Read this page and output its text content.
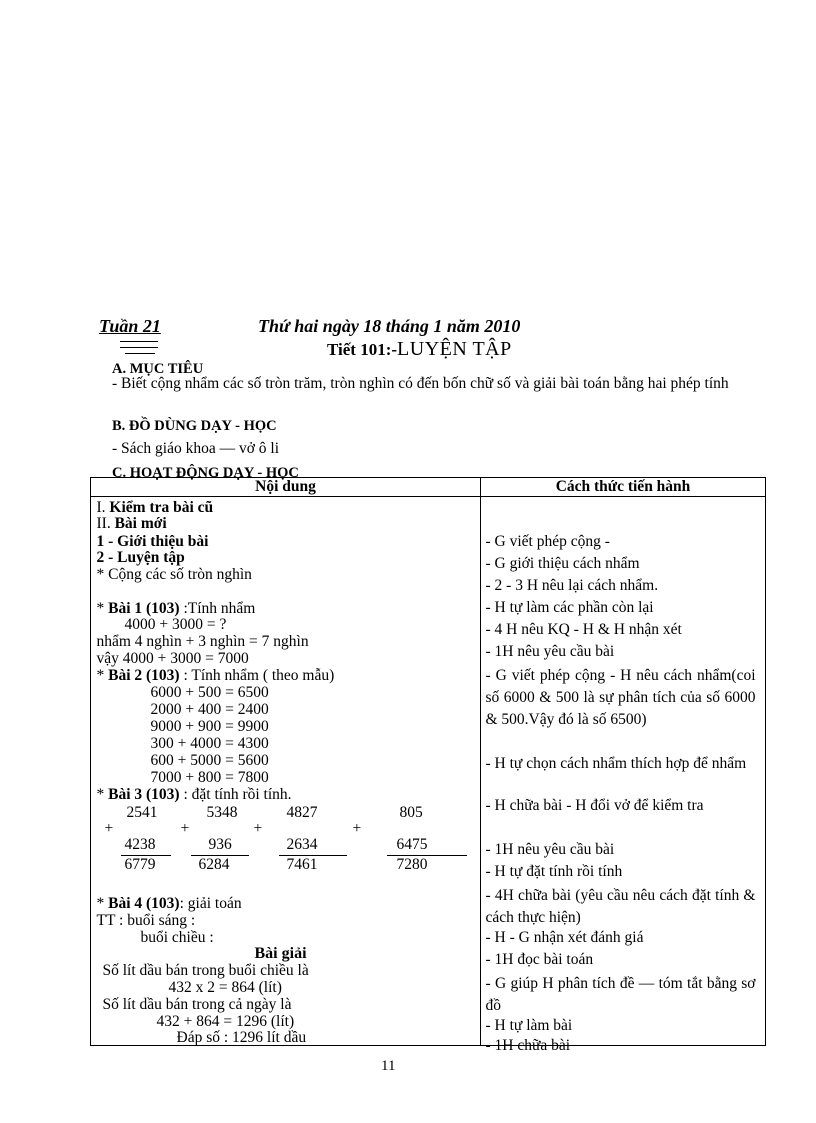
Tuần 21	Thứ hai ngày 18 tháng 1 năm 2010
Tiết 101:-LUYỆN TẬP
A. MỤC TIÊU
- Biết cộng nhẩm các số tròn trăm, tròn nghìn có đến bốn chữ số và giải bài toán bằng hai phép tính
B. ĐỒ DÙNG DẠY - HỌC
- Sách giáo khoa — vở ô li
C. HOẠT ĐỘNG DẠY - HỌC
Nội dung	Cách thức tiến hành

I. Kiểm tra bài cũ
II. Bài mới
1 - Giới thiệu bài
2 - Luyện tập
* Cộng các số tròn nghìn
* Bài 1 (103) :Tính nhẩm
4000 + 3000 = ?
nhẩm 4 nghìn + 3 nghìn = 7 nghìn
vậy 4000 + 3000 = 7000
* Bài 2 (103) : Tính nhẩm ( theo mẫu)
6000 + 500 = 6500
2000 + 400 = 2400
9000 + 900 = 9900
300 + 4000 = 4300
600 + 5000 = 5600
7000 + 800 = 7800
* Bài 3 (103) : đặt tính rồi tính.
2541
+
4238
6779
5348
+
936
6284
4827
+
2634
7461
805
+
6475
7280
* Bài 4 (103): giải toán
TT : buổi sáng :
buổi chiều :
Bài giải
Số lít dầu bán trong buổi chiều là
432 x 2 = 864 (lít)
Số lít dầu bán trong cả ngày là
432 + 864 = 1296 (lít)
Đáp số : 1296 lít dầu
- G viết phép cộng -
- G giới thiệu cách nhẩm
- 2 - 3 H nêu lại cách nhẩm.
- H tự làm các phần còn lại
- 4 H nêu KQ - H & H nhận xét
- 1H nêu yêu cầu bài
- G viết phép cộng - H nêu cách nhẩm(coi số 6000 & 500 là sự phân tích của số 6000 & 500.Vậy đó là số 6500)
- H tự chọn cách nhẩm thích hợp để nhẩm
- H chữa bài - H đổi vở để kiểm tra
- 1H nêu yêu cầu bài
- H tự đặt tính rồi tính
- 4H chữa bài (yêu cầu nêu cách đặt tính & cách thực hiện)
- H - G nhận xét đánh giá
- 1H đọc bài toán
- G giúp H phân tích đề — tóm tắt bằng sơ đồ
- H tự làm bài
- 1H chữa bài
11
